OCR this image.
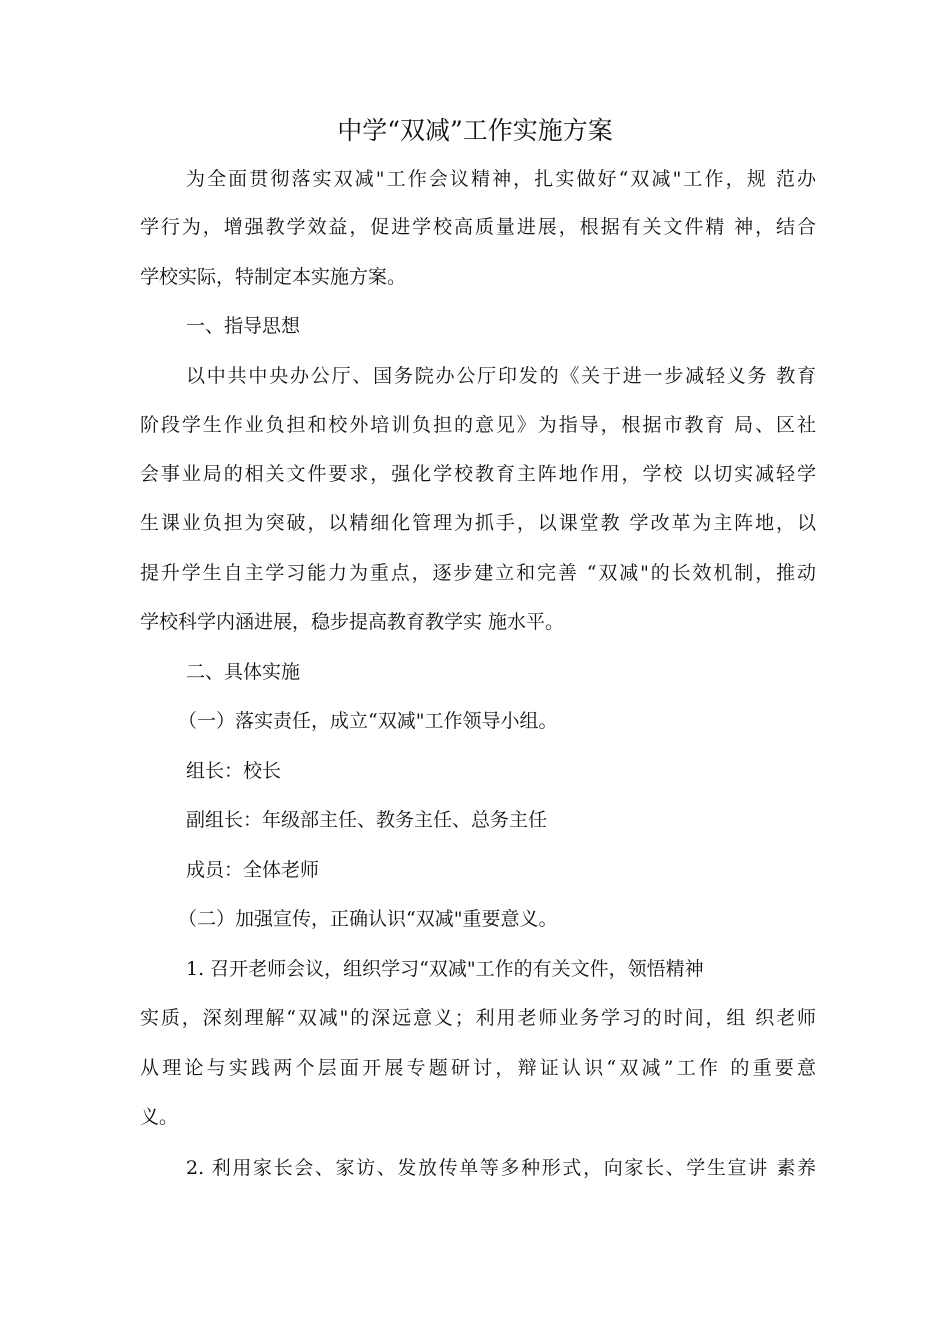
中学“双减”工作实施方案
为全面贯彻落实双减"工作会议精神，扎实做好“双减"工作，规 范办
学行为，增强教学效益，促进学校高质量进展，根据有关文件精 神，结合
学校实际，特制定本实施方案。
一、指导思想
以中共中央办公厅、国务院办公厅印发的《关于进一步减轻义务 教育
阶段学生作业负担和校外培训负担的意见》为指导，根据市教育 局、区社
会事业局的相关文件要求，强化学校教育主阵地作用，学校 以切实减轻学
生课业负担为突破，以精细化管理为抓手，以课堂教 学改革为主阵地，以
提升学生自主学习能力为重点，逐步建立和完善 “双减"的长效机制，推动
学校科学内涵进展，稳步提高教育教学实 施水平。
二、具体实施
（一）落实责任，成立“双减"工作领导小组。
组长：校长
副组长：年级部主任、教务主任、总务主任
成员：全体老师
（二）加强宣传，正确认识“双减"重要意义。
1. 召开老师会议，组织学习“双减"工作的有关文件，领悟精神
实质，深刻理解“双减"的深远意义；利用老师业务学习的时间，组 织老师
从理论与实践两个层面开展专题研讨，辩证认识“双减”工作 的重要意
义。
2. 利用家长会、家访、发放传单等多种形式，向家长、学生宣讲 素养
